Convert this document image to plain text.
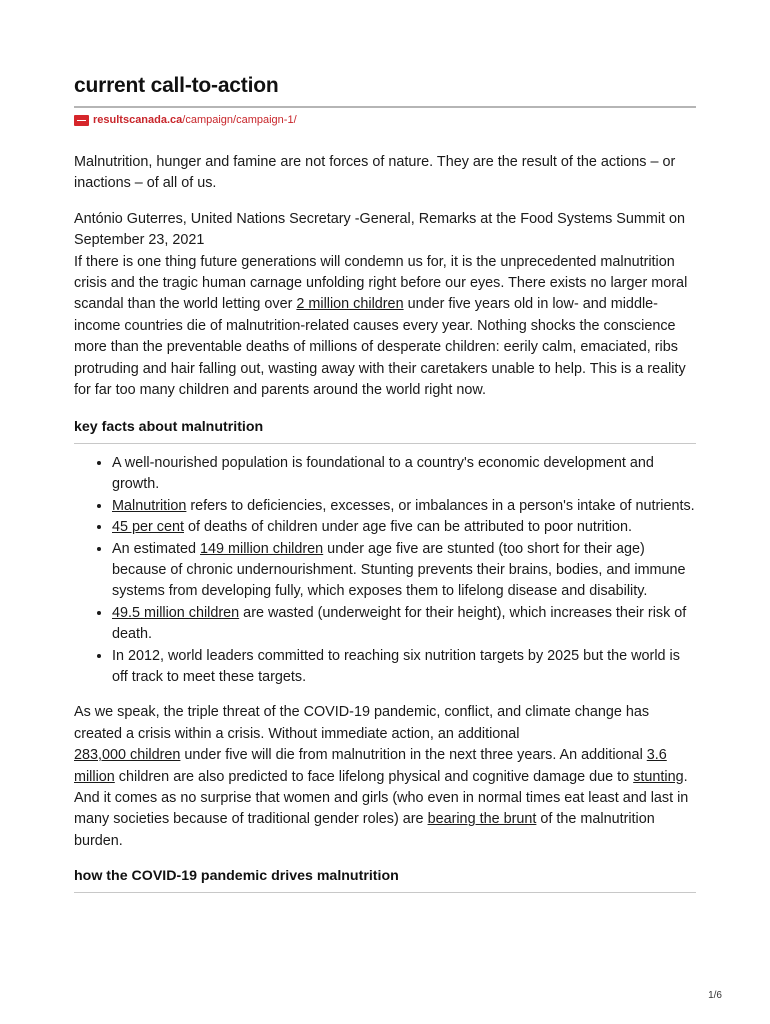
current call-to-action
resultscanada.ca /campaign/campaign-1/

Malnutrition, hunger and famine are not forces of nature. They are the result of the actions – or inactions – of all of us.

António Guterres, United Nations Secretary -General, Remarks at the Food Systems Summit on September 23, 2021

If there is one thing future generations will condemn us for, it is the unprecedented malnutrition crisis and the tragic human carnage unfolding right before our eyes. There exists no larger moral scandal than the world letting over 2 million children under five years old in low- and middle-income countries die of malnutrition-related causes every year. Nothing shocks the conscience more than the preventable deaths of millions of desperate children: eerily calm, emaciated, ribs protruding and hair falling out, wasting away with their caretakers unable to help. This is a reality for far too many children and parents around the world right now.

key facts about malnutrition
• A well-nourished population is foundational to a country's economic development and growth.
• Malnutrition refers to deficiencies, excesses, or imbalances in a person's intake of nutrients.
• 45 per cent of deaths of children under age five can be attributed to poor nutrition.
• An estimated 149 million children under age five are stunted (too short for their age) because of chronic undernourishment. Stunting prevents their brains, bodies, and immune systems from developing fully, which exposes them to lifelong disease and disability.
• 49.5 million children are wasted (underweight for their height), which increases their risk of death.
• In 2012, world leaders committed to reaching six nutrition targets by 2025 but the world is off track to meet these targets.

As we speak, the triple threat of the COVID-19 pandemic, conflict, and climate change has created a crisis within a crisis. Without immediate action, an additional
283,000 children under five will die from malnutrition in the next three years. An additional 3.6 million children are also predicted to face lifelong physical and cognitive damage due to stunting. And it comes as no surprise that women and girls (who even in normal times eat least and last in many societies because of traditional gender roles) are bearing the brunt of the malnutrition burden.

how the COVID-19 pandemic drives malnutrition
1/6
